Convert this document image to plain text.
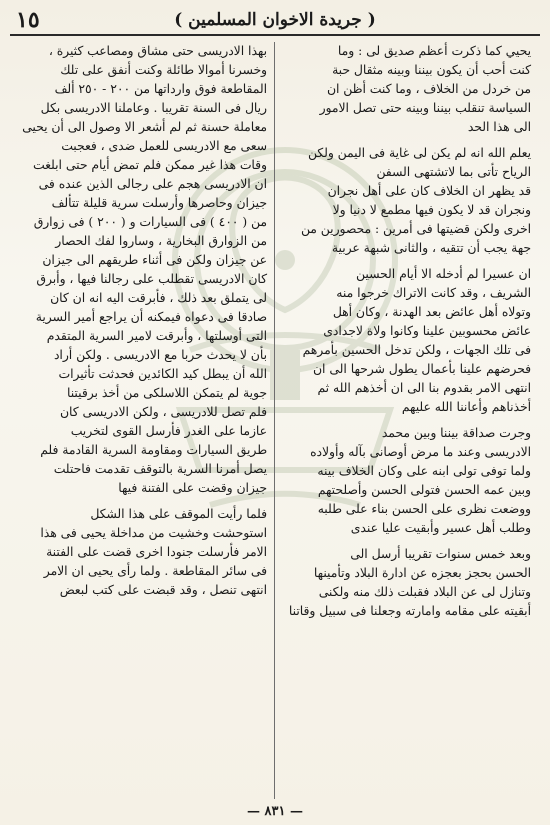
١٥	( جريدة الاخوان المسلمين )

يحيي كما ذكرت أعظم صديق لى : وما

كنت أحب أن يكون بيننا وبينه مثقال حبة

من خردل من الخلاف ، وما كنت أظن ان

السياسة تنقلب بيننا وبينه حتى تصل الامور

الى هذا الحد

يعلم الله انه لم يكن لى غاية فى اليمن ولكن

الرياح تأتى بما لاتشتهى السفن

قد يظهر ان الخلاف كان على أهل نجران

ونجران قد لا يكون فيها مطمع لا دنيا ولا

اخرى ولكن قضيتها فى أمرين : محصورين من

جهة يجب أن تتقيه ، والثانى شبهة عربية

ان عسيرا لم أدخله الا أيام الحسين

الشريف ، وقد كانت الاتراك خرجوا منه

وتولاه أهل عائض بعد الهدنة ، وكان أهل

عائض محسوبين علينا وكانوا ولاة لاجدادى

فى تلك الجهات ، ولكن تدخل الحسين بأمرهم

فحرضهم علينا بأعمال يطول شرحها الى ان

انتهى الامر بقدوم بنا الى ان أخذهم الله ثم

أخذناهم وأعاننا الله عليهم

وجرت صداقة بيننا وبين محمد

الادريسى وعند ما مرض أوصانى بآله وأولاده

ولما توفى تولى ابنه على وكان الخلاف بينه

وبين عمه الحسن فتولى الحسن وأصلحتهم

ووضعت نظرى على الحسن بناء على طلبه

وطلب أهل عسير وأبقيت عليا عندى

وبعد خمس سنوات تقريبا أرسل الى

الحسن بحجز بعجزه عن ادارة البلاد وتأمينها

وتنازل لى عن البلاد فقبلت ذلك منه ولكنى

أبقيته على مقامه وامارته وجعلنا فى سبيل وقاتنا

بهذا الادريسى حتى مشاق ومصاعب كثيرة ،

وخسرنا أموالا طائلة وكنت أنفق على تلك

المقاطعة فوق وارداتها من ٢٠٠ - ٢٥٠ ألف

ريال فى السنة تقريبا . وعاملنا الادريسى بكل

معاملة حسنة ثم لم أشعر الا وصول الى أن يحيى

سعى مع الادريسى للعمل ضدى ، فعجبت

وقات هذا غير ممكن فلم تمض أيام حتى ابلغت

ان الادريسى هجم على رجالى الذين عنده فى

جيزان وحاصرها وأرسلت سرية قليلة تتألف

من ( ٤٠٠ ) فى السيارات و ( ٢٠٠ ) فى زوارق

من الزوارق البخارية ، وساروا لفك الحصار

عن جيزان ولكن فى أثناء طريقهم الى جيزان

كان الادريسى تقطلب على رجالنا فيها ، وأبرق

لى يتملق بعد ذلك ، فأبرقت اليه انه ان كان

صادقا فى دعواه فيمكنه أن يراجع أمير السرية

التى أوسلتها ، وأبرقت لامير السرية المتقدم

بأن لا يحدث حربا مع الادريسى . ولكن أراد

الله أن يبطل كيد الكائدين فحدثت تأثيرات

جوية لم يتمكن اللاسلكى من أخذ برقيتنا

فلم تصل للادريسى ، ولكن الادريسى كان

عازما على الغدر فأرسل القوى لتخريب

طريق السيارات ومقاومة السرية القادمة فلم

يصل أمرنا السرية بالتوقف تقدمت فاحتلت

جيزان وقضت على الفتنة فيها

فلما رأيت الموقف على هذا الشكل

استوحشت وخشيت من مداخلة يحيى فى هذا

الامر فأرسلت جنودا اخرى قضت على الفتنة

فى سائر المقاطعة . ولما رأى يحيى ان الامر

انتهى تنصل ، وقد قبضت على كتب لبعض

— ٨٣١ —
